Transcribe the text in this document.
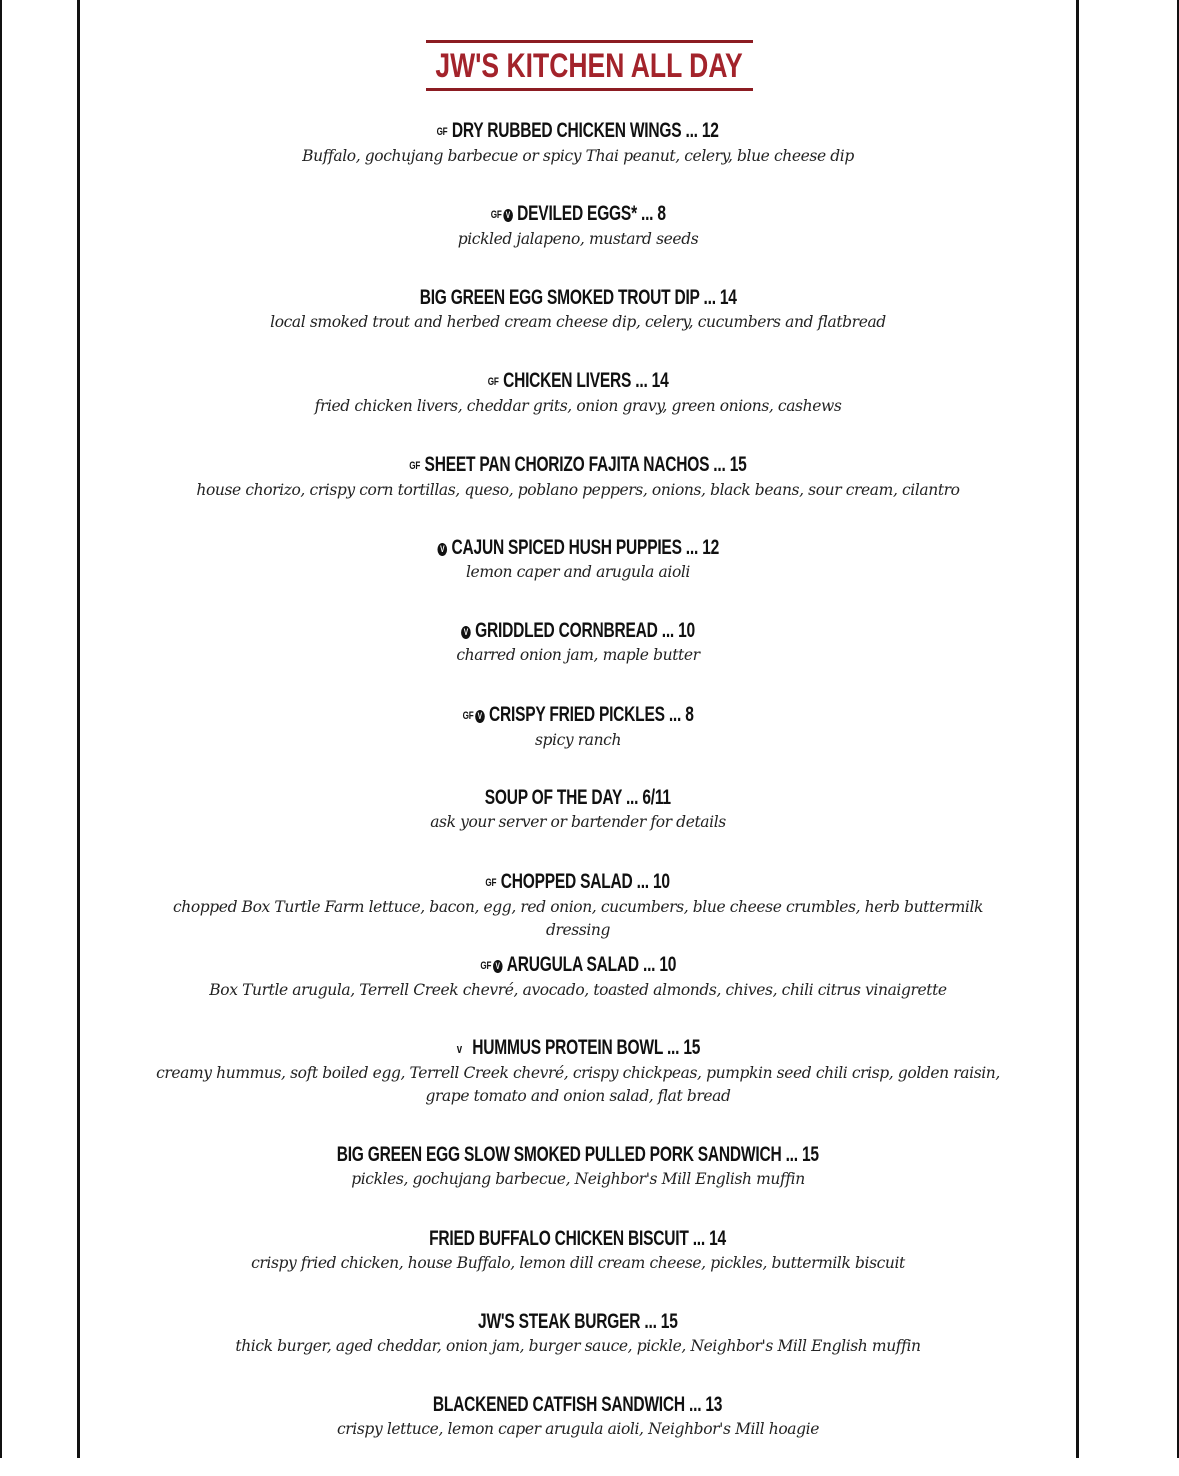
JW'S KITCHEN ALL DAY
GF DRY RUBBED CHICKEN WINGS ... 12
Buffalo, gochujang barbecue or spicy Thai peanut, celery, blue cheese dip
GF V DEVILED EGGS* ... 8
pickled jalapeno, mustard seeds
BIG GREEN EGG SMOKED TROUT DIP ... 14
local smoked trout and herbed cream cheese dip, celery, cucumbers and flatbread
GF CHICKEN LIVERS ... 14
fried chicken livers, cheddar grits, onion gravy, green onions, cashews
GF SHEET PAN CHORIZO FAJITA NACHOS ... 15
house chorizo, crispy corn tortillas, queso, poblano peppers, onions, black beans, sour cream, cilantro
V CAJUN SPICED HUSH PUPPIES ... 12
lemon caper and arugula aioli
V GRIDDLED CORNBREAD ... 10
charred onion jam, maple butter
GF V CRISPY FRIED PICKLES ... 8
spicy ranch
SOUP OF THE DAY ... 6/11
ask your server or bartender for details
GF CHOPPED SALAD ... 10
chopped Box Turtle Farm lettuce, bacon, egg, red onion, cucumbers, blue cheese crumbles, herb buttermilk dressing
GF V ARUGULA SALAD ... 10
Box Turtle arugula, Terrell Creek chevré, avocado, toasted almonds, chives, chili citrus vinaigrette
v HUMMUS PROTEIN BOWL ... 15
creamy hummus, soft boiled egg, Terrell Creek chevré, crispy chickpeas, pumpkin seed chili crisp, golden raisin, grape tomato and onion salad, flat bread
BIG GREEN EGG SLOW SMOKED PULLED PORK SANDWICH ... 15
pickles, gochujang barbecue, Neighbor's Mill English muffin
FRIED BUFFALO CHICKEN BISCUIT ... 14
crispy fried chicken, house Buffalo, lemon dill cream cheese, pickles, buttermilk biscuit
JW'S STEAK BURGER ... 15
thick burger, aged cheddar, onion jam, burger sauce, pickle, Neighbor's Mill English muffin
BLACKENED CATFISH SANDWICH ... 13
crispy lettuce, lemon caper arugula aioli, Neighbor's Mill hoagie
